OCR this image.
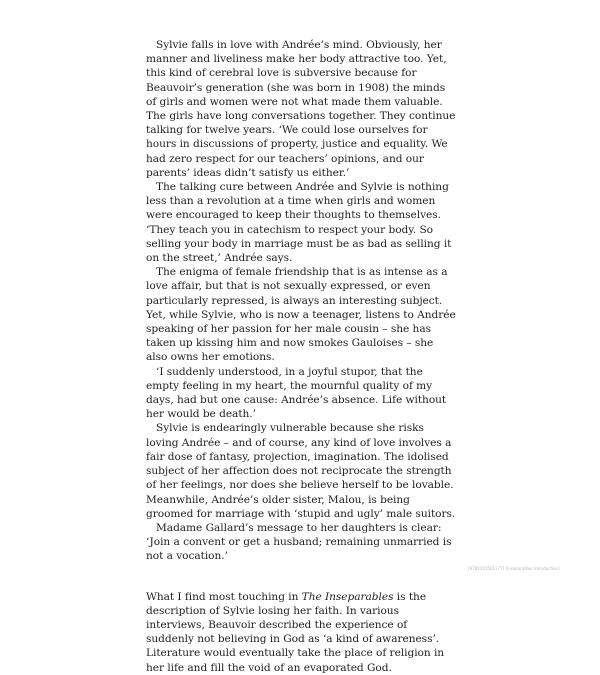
Sylvie falls in love with Andrée’s mind. Obviously, her manner and liveliness make her body attractive too. Yet, this kind of cerebral love is subversive because for Beauvoir’s generation (she was born in 1908) the minds of girls and women were not what made them valuable. The girls have long conversations together. They continue talking for twelve years. ‘We could lose ourselves for hours in discussions of property, justice and equality. We had zero respect for our teachers’ opinions, and our parents’ ideas didn’t satisfy us either.’

The talking cure between Andrée and Sylvie is nothing less than a revolution at a time when girls and women were encouraged to keep their thoughts to themselves. ‘They teach you in catechism to respect your body. So selling your body in marriage must be as bad as selling it on the street,’ Andrée says.

The enigma of female friendship that is as intense as a love affair, but that is not sexually expressed, or even particularly repressed, is always an interesting subject. Yet, while Sylvie, who is now a teenager, listens to Andrée speaking of her passion for her male cousin – she has taken up kissing him and now smokes Gauloises – she also owns her emotions.

‘I suddenly understood, in a joyful stupor, that the empty feeling in my heart, the mournful quality of my days, had but one cause: Andrée’s absence. Life without her would be death.’

Sylvie is endearingly vulnerable because she risks loving Andrée – and of course, any kind of love involves a fair dose of fantasy, projection, imagination. The idolised subject of her affection does not reciprocate the strength of her feelings, nor does she believe herself to be lovable. Meanwhile, Andrée’s older sister, Malou, is being groomed for marriage with ‘stupid and ugly’ male suitors.

Madame Gallard’s message to her daughters is clear: ‘Join a convent or get a husband; remaining unmarried is not a vocation.’

What I find most touching in The Inseparables is the description of Sylvie losing her faith. In various interviews, Beauvoir described the experience of suddenly not believing in God as ‘a kind of awareness’. Literature would eventually take the place of religion in her life and fill the void of an evaporated God.

[9780241501177] [Inseparables Introduction]
